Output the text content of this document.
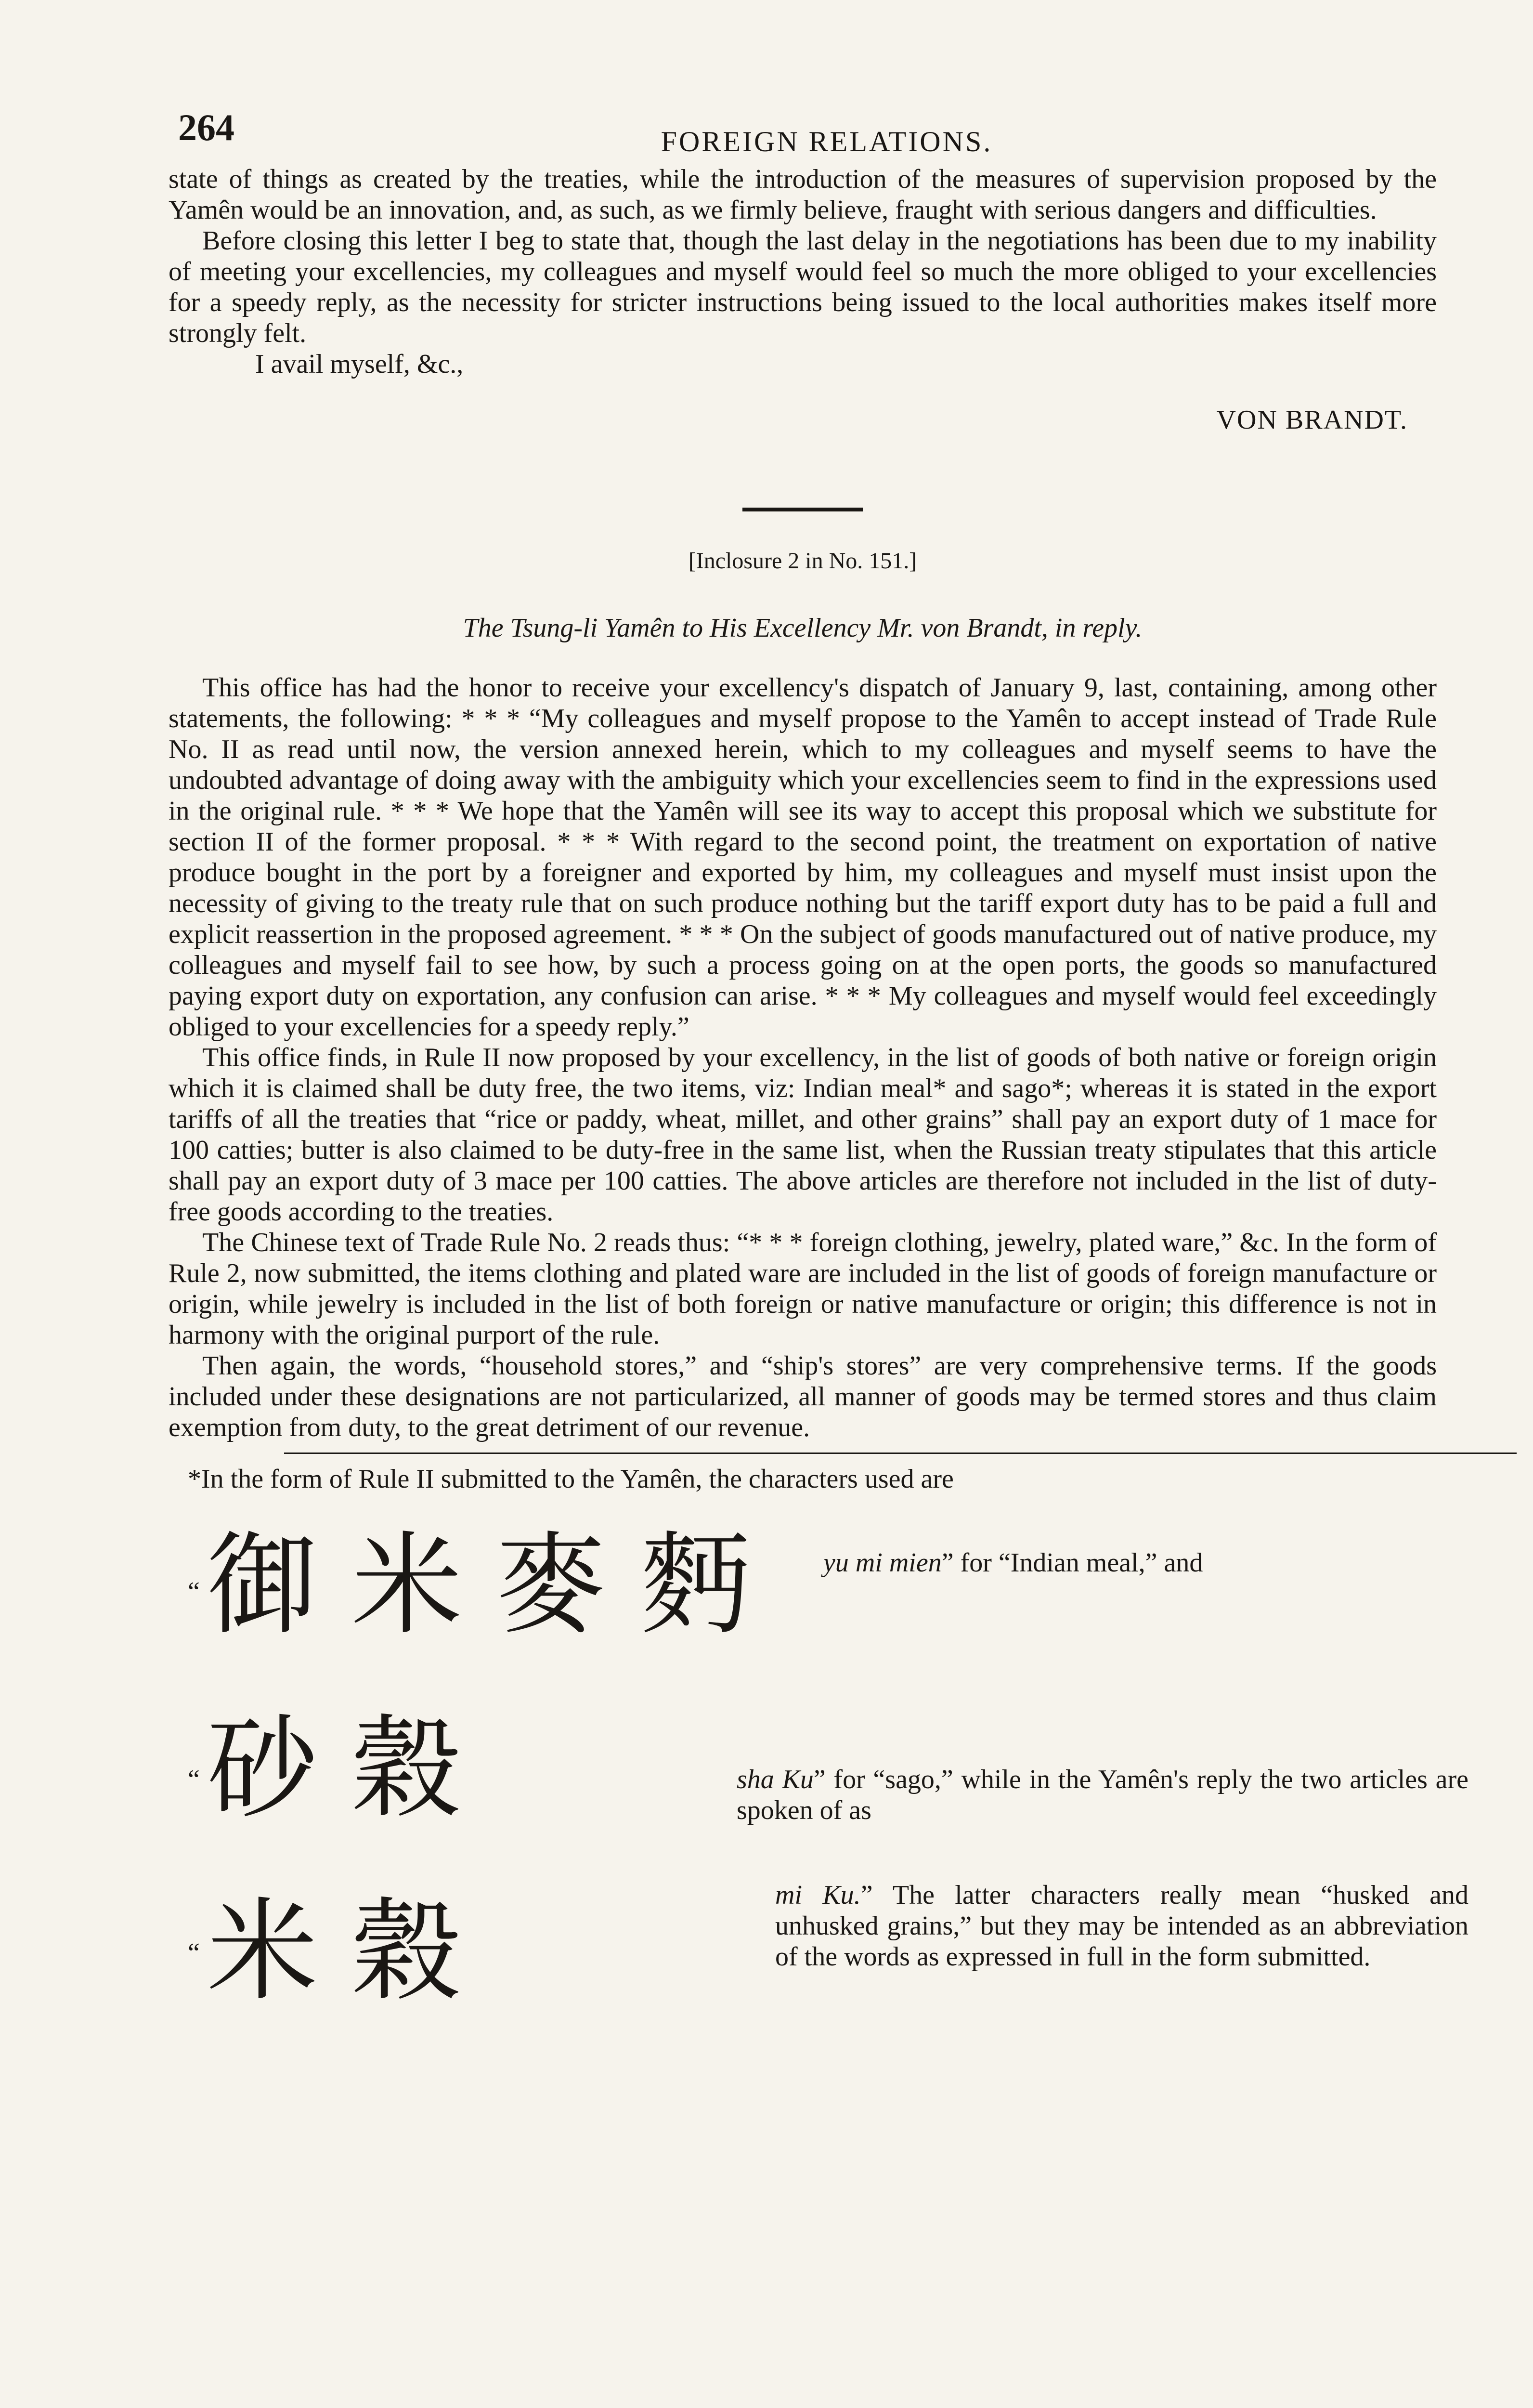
264	FOREIGN RELATIONS.

state of things as created by the treaties, while the introduction of the measures of supervision proposed by the Yamên would be an innovation, and, as such, as we firmly believe, fraught with serious dangers and difficulties.

Before closing this letter I beg to state that, though the last delay in the negotiations has been due to my inability of meeting your excellencies, my colleagues and myself would feel so much the more obliged to your excellencies for a speedy reply, as the necessity for stricter instructions being issued to the local authorities makes itself more strongly felt.

I avail myself, &c.,

VON BRANDT.
[Inclosure 2 in No. 151.]
The Tsung-li Yamên to His Excellency Mr. von Brandt, in reply.

This office has had the honor to receive your excellency's dispatch of January 9, last, containing, among other statements, the following: * * * “My colleagues and myself propose to the Yamên to accept instead of Trade Rule No. II as read until now, the version annexed herein, which to my colleagues and myself seems to have the undoubted advantage of doing away with the ambiguity which your excellencies seem to find in the expressions used in the original rule. * * * We hope that the Yamên will see its way to accept this proposal which we substitute for section II of the former proposal. * * * With regard to the second point, the treatment on exportation of native produce bought in the port by a foreigner and exported by him, my colleagues and myself must insist upon the necessity of giving to the treaty rule that on such produce nothing but the tariff export duty has to be paid a full and explicit reassertion in the proposed agreement. * * * On the subject of goods manufactured out of native produce, my colleagues and myself fail to see how, by such a process going on at the open ports, the goods so manufactured paying export duty on exportation, any confusion can arise. * * * My colleagues and myself would feel exceedingly obliged to your excellencies for a speedy reply.”

This office finds, in Rule II now proposed by your excellency, in the list of goods of both native or foreign origin which it is claimed shall be duty free, the two items, viz: Indian meal* and sago*; whereas it is stated in the export tariffs of all the treaties that “rice or paddy, wheat, millet, and other grains” shall pay an export duty of 1 mace for 100 catties; butter is also claimed to be duty-free in the same list, when the Russian treaty stipulates that this article shall pay an export duty of 3 mace per 100 catties. The above articles are therefore not included in the list of duty-free goods according to the treaties.

The Chinese text of Trade Rule No. 2 reads thus: “* * * foreign clothing, jewelry, plated ware,” &c. In the form of Rule 2, now submitted, the items clothing and plated ware are included in the list of goods of foreign manufacture or origin, while jewelry is included in the list of both foreign or native manufacture or origin; this difference is not in harmony with the original purport of the rule.

Then again, the words, “household stores,” and “ship's stores” are very comprehensive terms. If the goods included under these designations are not particularized, all manner of goods may be termed stores and thus claim exemption from duty, to the great detriment of our revenue.

*In the form of Rule II submitted to the Yamên, the characters used are
“ 御米麥麪 yu mi mien” for “Indian meal,” and
“ 砂穀	sha Ku” for “sago,” while in the Yamên's reply the two articles are spoken of as
“ 米穀	mi Ku.” The latter characters really mean “husked and unhusked grains,” but they may be intended as an abbreviation of the words as expressed in full in the form submitted.
